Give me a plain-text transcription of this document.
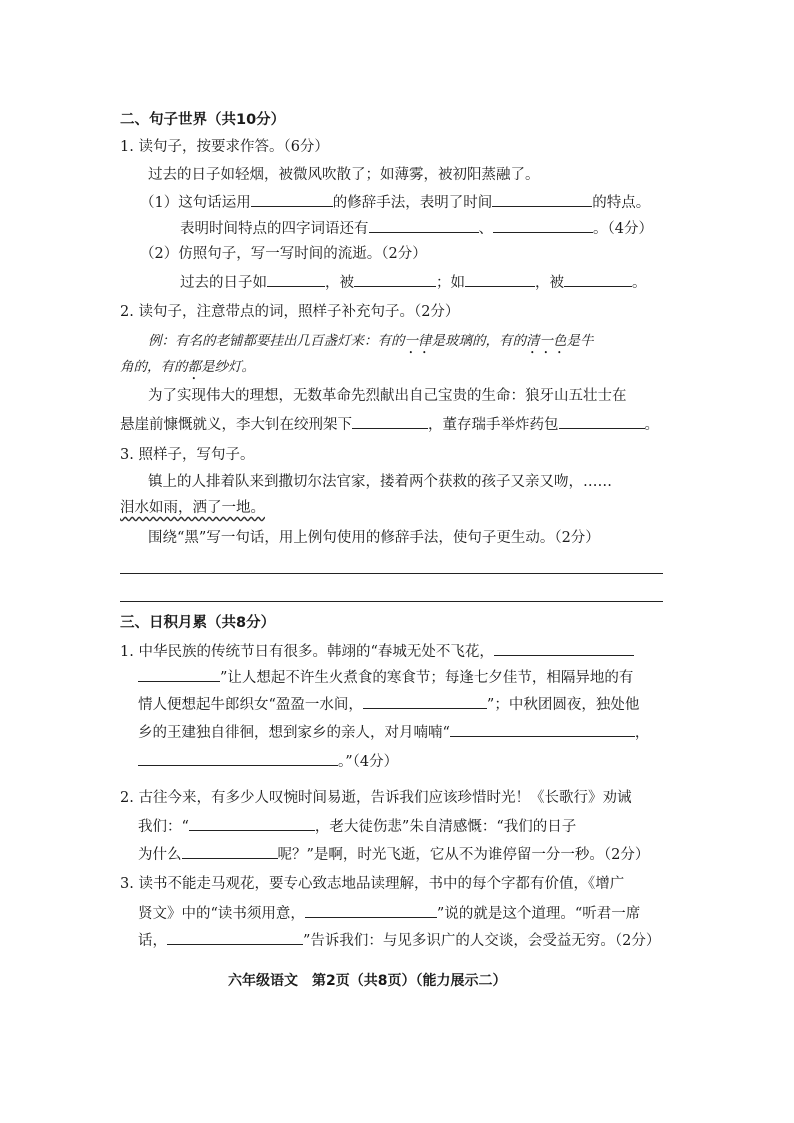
二、句子世界（共10分）
1. 读句子，按要求作答。（6分）
过去的日子如轻烟，被微风吹散了；如薄雾，被初阳蒸融了。
（1）这句话运用	的修辞手法，表明了时间	的特点。
表明时间特点的四字词语还有	、	。（4分）
（2）仿照句子，写一写时间的流逝。（2分）
过去的日子如	，被	；如	，被	。
2. 读句子，注意带点的词，照样子补充句子。（2分）
例：有名的老铺都要挂出几百盏灯来：有的一律是玻璃的，有的清一色是牛
角的，有的都是纱灯。
为了实现伟大的理想，无数革命先烈献出自己宝贵的生命：狼牙山五壮士在
悬崖前慷慨就义，李大钊在绞刑架下	，董存瑞手举炸药包	。
3. 照样子，写句子。
镇上的人排着队来到撒切尔法官家，搂着两个获救的孩子又亲又吻，……
泪水如雨，洒了一地。
围绕“黑”写一句话，用上例句使用的修辞手法，使句子更生动。（2分）
三、日积月累（共8分）
1. 中华民族的传统节日有很多。韩翊的“春城无处不飞花，
”让人想起不许生火煮食的寒食节；每逢七夕佳节，相隔异地的有
情人便想起牛郎织女“盈盈一水间，	”；中秋团圆夜，独处他
乡的王建独自徘徊，想到家乡的亲人，对月喃喃“	，
。”（4分）
2. 古往今来，有多少人叹惋时间易逝，告诉我们应该珍惜时光！《长歌行》劝诫
我们：“	，老大徒伤悲”朱自清感慨：“我们的日子
为什么	呢？”是啊，时光飞逝，它从不为谁停留一分一秒。（2分）
3. 读书不能走马观花，要专心致志地品读理解，书中的每个字都有价值，《增广
贤文》中的“读书须用意，	”说的就是这个道理。“听君一席
话，	”告诉我们：与见多识广的人交谈，会受益无穷。（2分）
六年级语文　第2页（共8页）（能力展示二）
